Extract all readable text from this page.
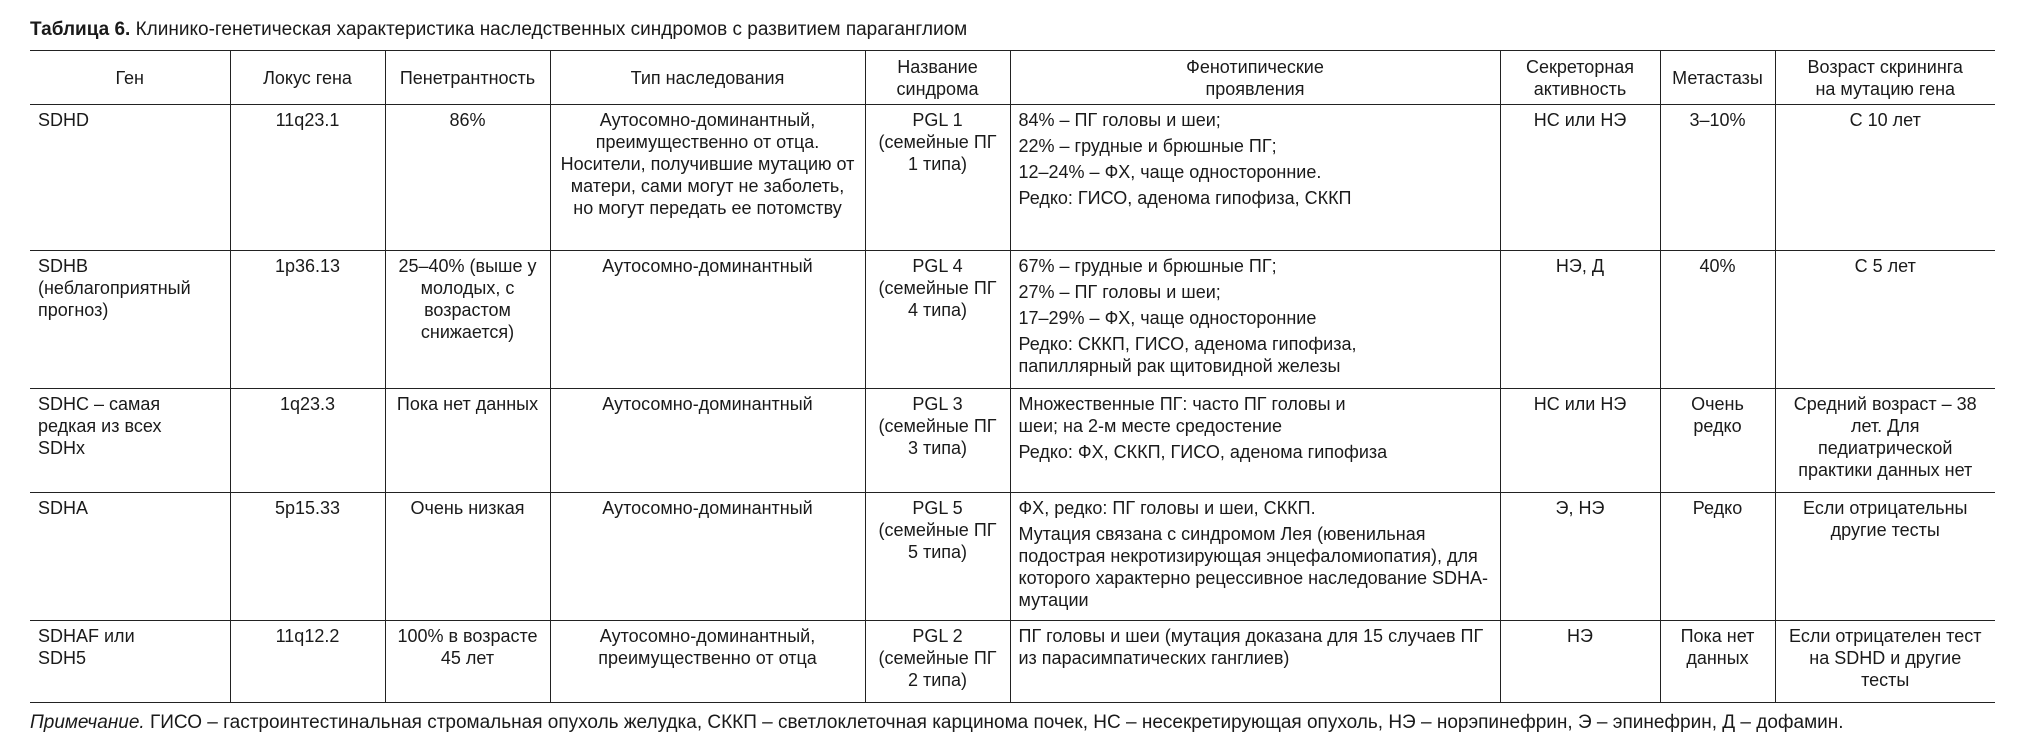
Таблица 6. Клинико-генетическая характеристика наследственных синдромов с развитием параганглиом
Ген	Локус гена	Пенетрантность	Тип наследования	Название синдрома	Фенотипические проявления	Секреторная активность	Метастазы	Возраст скрининга на мутацию гена
SDHD	11q23.1	86%	Аутосомно-доминантный, преимущественно от отца. Носители, получившие мутацию от матери, сами могут не заболеть, но могут передать ее потомству	PGL 1 (семейные ПГ 1 типа)	84% – ПГ головы и шеи;
22% – грудные и брюшные ПГ;
12–24% – ФХ, чаще односторонние.
Редко: ГИСО, аденома гипофиза, СККП	НС или НЭ	3–10%	С 10 лет
SDHB (неблагоприятный прогноз)	1p36.13	25–40% (выше у молодых, с возрастом снижается)	Аутосомно-доминантный	PGL 4 (семейные ПГ 4 типа)	67% – грудные и брюшные ПГ;
27% – ПГ головы и шеи;
17–29% – ФХ, чаще односторонние
Редко: СККП, ГИСО, аденома гипофиза, папиллярный рак щитовидной железы	НЭ, Д	40%	С 5 лет
SDHC – самая редкая из всех SDHx	1q23.3	Пока нет данных	Аутосомно-доминантный	PGL 3 (семейные ПГ 3 типа)	Множественные ПГ: часто ПГ головы и шеи; на 2-м месте средостение
Редко: ФХ, СККП, ГИСО, аденома гипофиза	НС или НЭ	Очень редко	Средний возраст – 38 лет. Для педиатрической практики данных нет
SDHA	5p15.33	Очень низкая	Аутосомно-доминантный	PGL 5 (семейные ПГ 5 типа)	ФХ, редко: ПГ головы и шеи, СККП.
Мутация связана с синдромом Лея (ювенильная подострая некротизирующая энцефаломиопатия), для которого характерно рецессивное наследование SDHA-мутации	Э, НЭ	Редко	Если отрицательны другие тесты
SDHAF или SDH5	11q12.2	100% в возрасте 45 лет	Аутосомно-доминантный, преимущественно от отца	PGL 2 (семейные ПГ 2 типа)	ПГ головы и шеи (мутация доказана для 15 случаев ПГ из парасимпатических ганглиев)	НЭ	Пока нет данных	Если отрицателен тест на SDHD и другие тесты
Примечание. ГИСО – гастроинтестинальная стромальная опухоль желудка, СККП – светлоклеточная карцинома почек, НС – несекретирующая опухоль, НЭ – норэпинефрин, Э – эпинефрин, Д – дофамин.
